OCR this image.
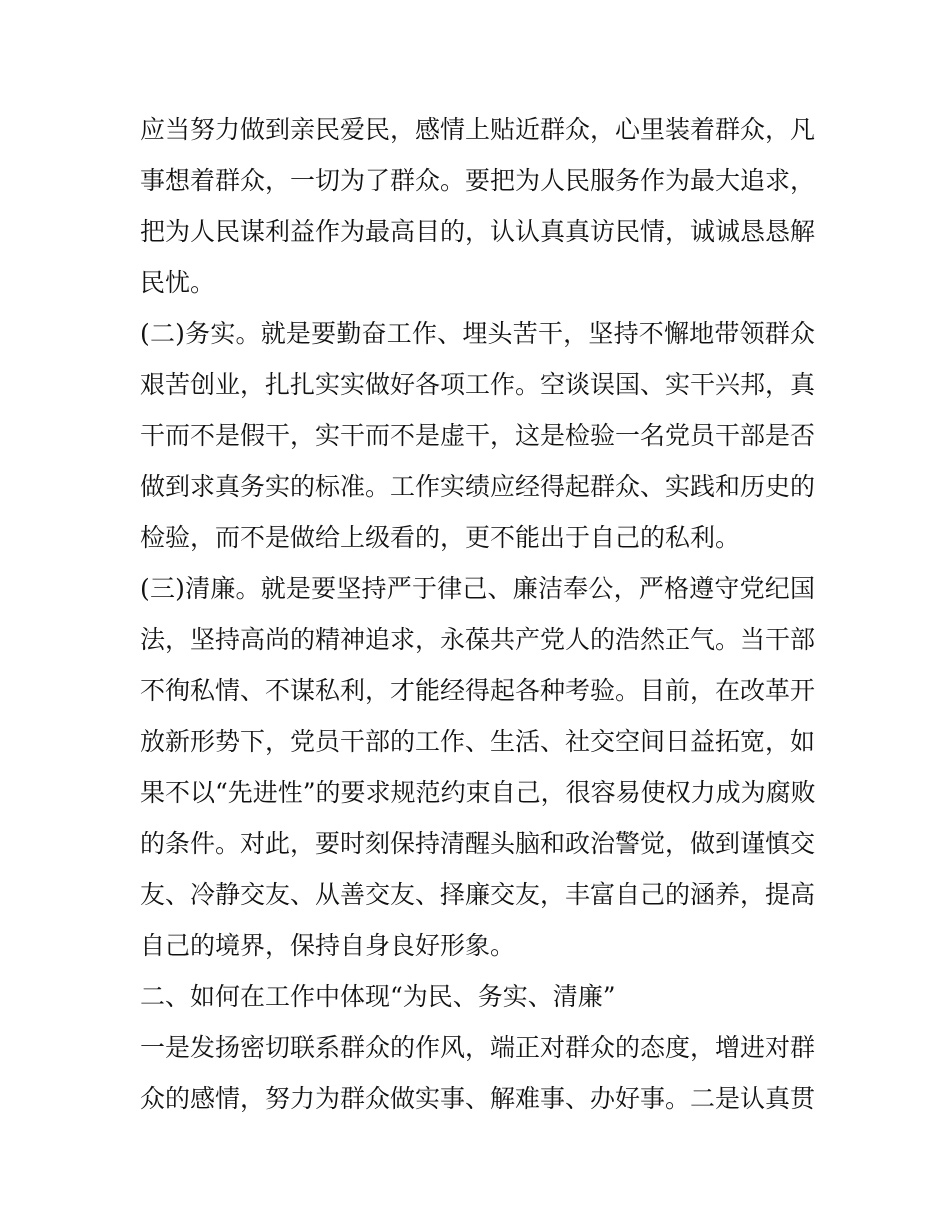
应当努力做到亲民爱民，感情上贴近群众，心里装着群众，凡
事想着群众，一切为了群众。要把为人民服务作为最大追求，
把为人民谋利益作为最高目的，认认真真访民情，诚诚恳恳解
民忧。
(二)务实。就是要勤奋工作、埋头苦干，坚持不懈地带领群众
艰苦创业，扎扎实实做好各项工作。空谈误国、实干兴邦，真
干而不是假干，实干而不是虚干，这是检验一名党员干部是否
做到求真务实的标准。工作实绩应经得起群众、实践和历史的
检验，而不是做给上级看的，更不能出于自己的私利。
(三)清廉。就是要坚持严于律己、廉洁奉公，严格遵守党纪国
法，坚持高尚的精神追求，永葆共产党人的浩然正气。当干部
不徇私情、不谋私利，才能经得起各种考验。目前，在改革开
放新形势下，党员干部的工作、生活、社交空间日益拓宽，如
果不以“先进性”的要求规范约束自己，很容易使权力成为腐败
的条件。对此，要时刻保持清醒头脑和政治警觉，做到谨慎交
友、冷静交友、从善交友、择廉交友，丰富自己的涵养，提高
自己的境界，保持自身良好形象。
二、如何在工作中体现“为民、务实、清廉”
一是发扬密切联系群众的作风，端正对群众的态度，增进对群
众的感情，努力为群众做实事、解难事、办好事。二是认真贯
